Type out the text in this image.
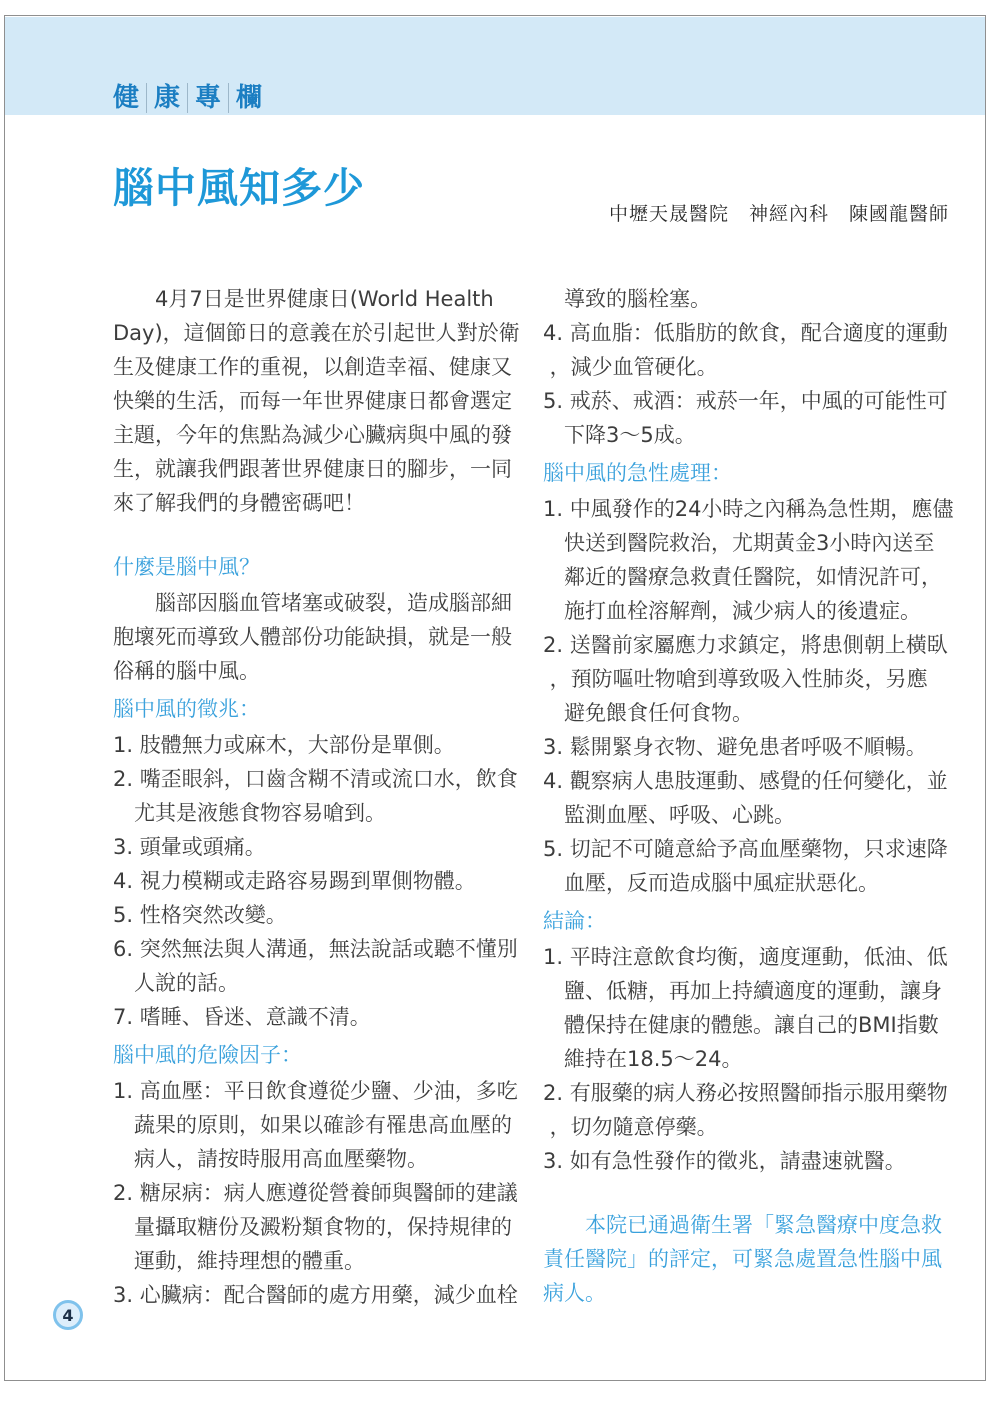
健 康 專 欄
腦中風知多少
中壢天晟醫院　神經內科　陳國龍醫師
　　4月7日是世界健康日(World Health
Day)，這個節日的意義在於引起世人對於衛
生及健康工作的重視，以創造幸福、健康又
快樂的生活，而每一年世界健康日都會選定
主題，今年的焦點為減少心臟病與中風的發
生，就讓我們跟著世界健康日的腳步，一同
來了解我們的身體密碼吧！
什麼是腦中風？
　　腦部因腦血管堵塞或破裂，造成腦部細
胞壞死而導致人體部份功能缺損，就是一般
俗稱的腦中風。
腦中風的徵兆：
1. 肢體無力或麻木，大部份是單側。
2. 嘴歪眼斜，口齒含糊不清或流口水，飲食
　尤其是液態食物容易嗆到。
3. 頭暈或頭痛。
4. 視力模糊或走路容易踢到單側物體。
5. 性格突然改變。
6. 突然無法與人溝通，無法說話或聽不懂別
　人說的話。
7. 嗜睡、昏迷、意識不清。
腦中風的危險因子：
1. 高血壓：平日飲食遵從少鹽、少油，多吃
　蔬果的原則，如果以確診有罹患高血壓的
　病人，請按時服用高血壓藥物。
2. 糖尿病：病人應遵從營養師與醫師的建議
　量攝取糖份及澱粉類食物的，保持規律的
　運動，維持理想的體重。
3. 心臟病：配合醫師的處方用藥，減少血栓
　導致的腦栓塞。
4. 高血脂：低脂肪的飲食，配合適度的運動
，減少血管硬化。
5. 戒菸、戒酒：戒菸一年，中風的可能性可
　下降3～5成。
腦中風的急性處理：
1. 中風發作的24小時之內稱為急性期，應儘
　快送到醫院救治，尤期黃金3小時內送至
　鄰近的醫療急救責任醫院，如情況許可，
　施打血栓溶解劑，減少病人的後遺症。
2. 送醫前家屬應力求鎮定，將患側朝上橫臥
，預防嘔吐物嗆到導致吸入性肺炎，另應
　避免餵食任何食物。
3. 鬆開緊身衣物、避免患者呼吸不順暢。
4. 觀察病人患肢運動、感覺的任何變化，並
　監測血壓、呼吸、心跳。
5. 切記不可隨意給予高血壓藥物，只求速降
　血壓，反而造成腦中風症狀惡化。
結論：
1. 平時注意飲食均衡，適度運動，低油、低
　鹽、低糖，再加上持續適度的運動，讓身
　體保持在健康的體態。讓自己的BMI指數
　維持在18.5～24。
2. 有服藥的病人務必按照醫師指示服用藥物
，切勿隨意停藥。
3. 如有急性發作的徵兆，請盡速就醫。
　　本院已通過衛生署「緊急醫療中度急救
責任醫院」的評定，可緊急處置急性腦中風
病人。
4
